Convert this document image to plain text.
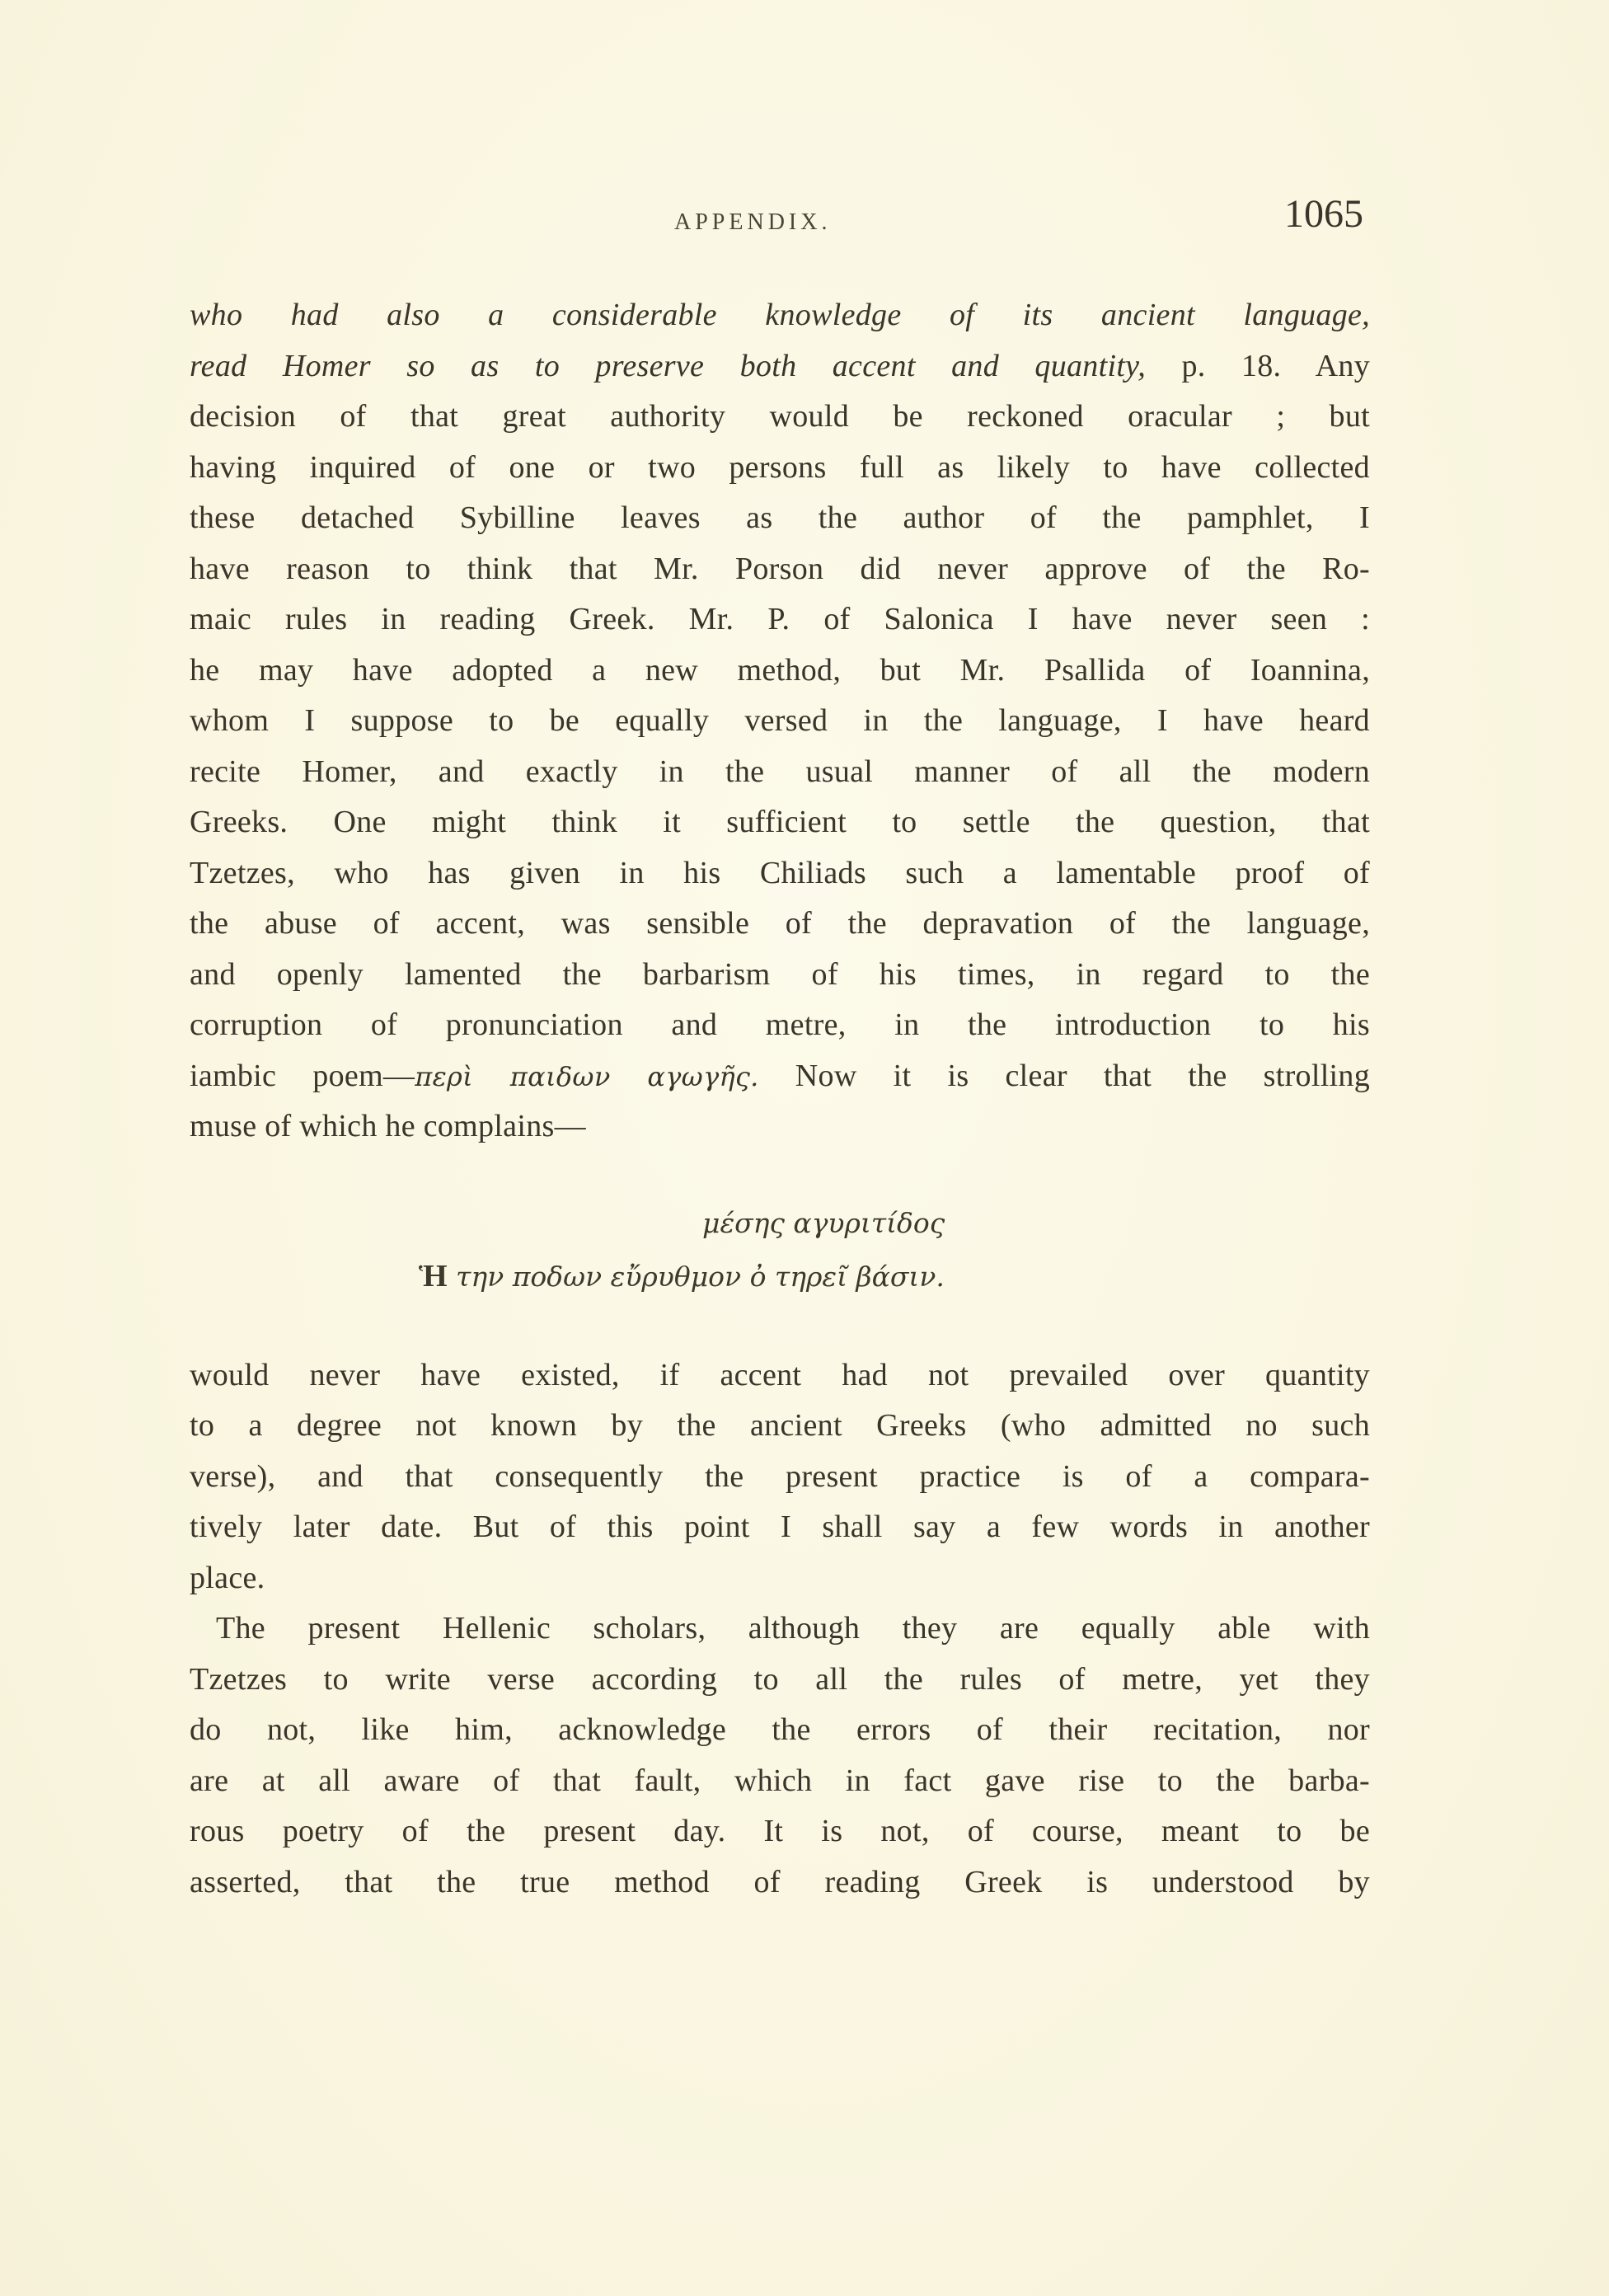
APPENDIX.	1065
who had also a considerable knowledge of its ancient language,
read Homer so as to preserve both accent and quantity, p. 18. Any
decision of that great authority would be reckoned oracular ; but
having inquired of one or two persons full as likely to have collected
these detached Sybilline leaves as the author of the pamphlet, I
have reason to think that Mr. Porson did never approve of the Ro-
maic rules in reading Greek. Mr. P. of Salonica I have never seen :
he may have adopted a new method, but Mr. Psallida of Ioannina,
whom I suppose to be equally versed in the language, I have heard
recite Homer, and exactly in the usual manner of all the modern
Greeks. One might think it sufficient to settle the question, that
Tzetzes, who has given in his Chiliads such a lamentable proof of
the abuse of accent, was sensible of the depravation of the language,
and openly lamented the barbarism of his times, in regard to the
corruption of pronunciation and metre, in the introduction to his
iambic poem—περὶ παιδων αγωγῆς. Now it is clear that the strolling
muse of which he complains—
μέσης αγυριτίδος
Ἡ την ποδων εὔρυθμον ὀ τηρεῖ βάσιν.
would never have existed, if accent had not prevailed over quantity
to a degree not known by the ancient Greeks (who admitted no such
verse), and that consequently the present practice is of a compara-
tively later date. But of this point I shall say a few words in another
place.
The present Hellenic scholars, although they are equally able with
Tzetzes to write verse according to all the rules of metre, yet they
do not, like him, acknowledge the errors of their recitation, nor
are at all aware of that fault, which in fact gave rise to the barba-
rous poetry of the present day. It is not, of course, meant to be
asserted, that the true method of reading Greek is understood by
